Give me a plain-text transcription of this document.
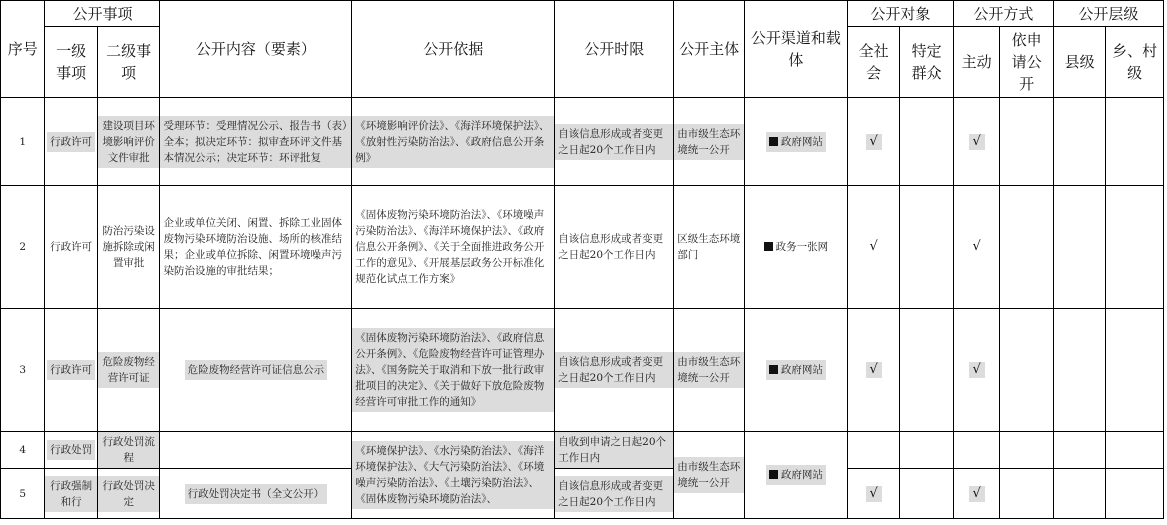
序号	公开事项		公开内容（要素）	公开依据	公开时限	公开主体	公开渠道和载体	公开对象		公开方式		公开层级	
	一级事项	二级事项						全社会	特定群众	主动	依申请公开	县级	乡、村级
1	行政许可	建设项目环境影响评价文件审批	受理环节：受理情况公示、报告书（表）全本；拟决定环节：拟审查环评文件基本情况公示；决定环节：环评批复	《环境影响评价法》、《海洋环境保护法》、《放射性污染防治法》、《政府信息公开条例》	自该信息形成或者变更之日起20个工作日内	由市级生态环境统一公开	政府网站	√		√			
2	行政许可	防治污染设施拆除或闲置审批	企业或单位关闭、闲置、拆除工业固体废物污染环境防治设施、场所的核准结果；企业或单位拆除、闲置环境噪声污染防治设施的审批结果；	《固体废物污染环境防治法》、《环境噪声污染防治法》、《海洋环境保护法》、《政府信息公开条例》、《关于全面推进政务公开工作的意见》、《开展基层政务公开标准化规范化试点工作方案》	自该信息形成或者变更之日起20个工作日内	区级生态环境部门	政务一张网	√		√			
3	行政许可	危险废物经营许可证	危险废物经营许可证信息公示	《固体废物污染环境防治法》、《政府信息公开条例》、《危险废物经营许可证管理办法》、《国务院关于取消和下放一批行政审批项目的决定》、《关于做好下放危险废物经营许可审批工作的通知》	自该信息形成或者变更之日起20个工作日内	由市级生态环境统一公开	政府网站	√		√			
4	行政处罚	行政处罚流程		《环境保护法》、《水污染防治法》、《海洋环境保护法》、《大气污染防治法》、《环境噪声污染防治法》、《土壤污染防治法》、《固体废物污染环境防治法》、	自收到申请之日起20个工作日内	由市级生态环境统一公开	政府网站						
5	行政强制和行	行政处罚决定	行政处罚决定书（全文公开）		自该信息形成或者变更之日起20个工作日内			√		√			
